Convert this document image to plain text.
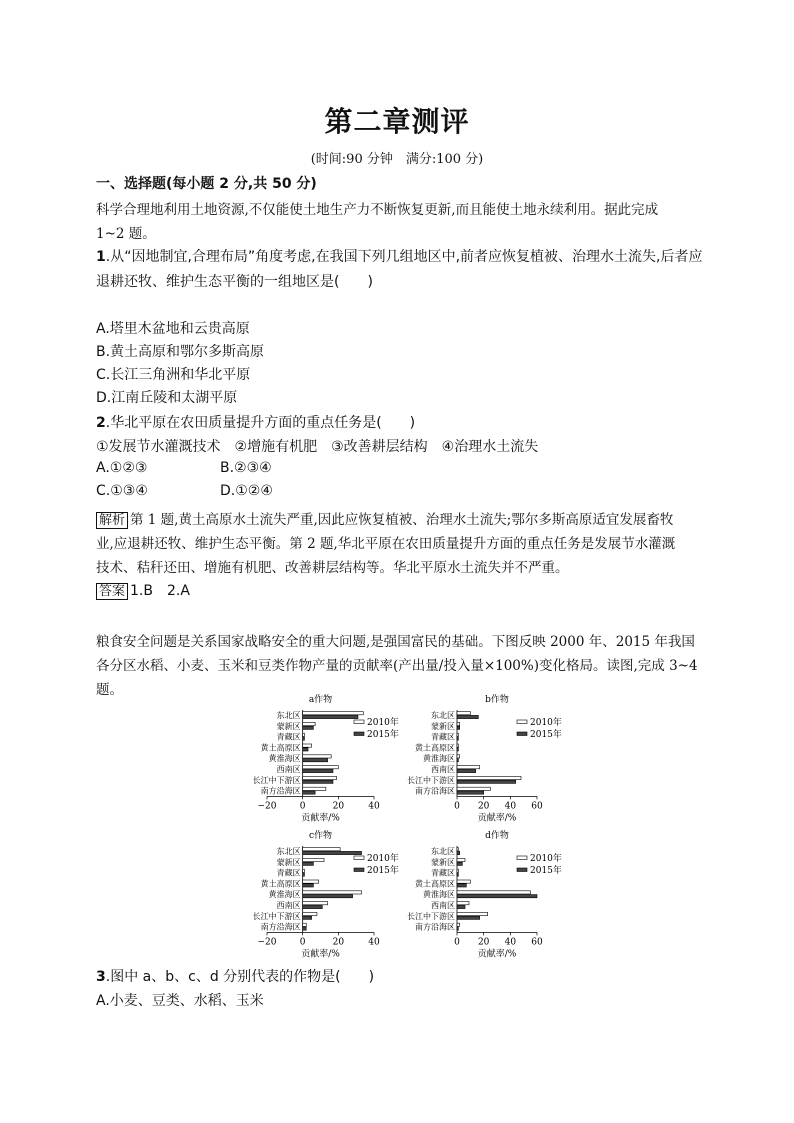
第二章测评
(时间:90 分钟　满分:100 分)
一、选择题(每小题 2 分,共 50 分)
科学合理地利用土地资源,不仅能使土地生产力不断恢复更新,而且能使土地永续利用。据此完成
1~2 题。
1.从“因地制宜,合理布局”角度考虑,在我国下列几组地区中,前者应恢复植被、治理水土流失,后者应
退耕还牧、维护生态平衡的一组地区是(　　)
A.塔里木盆地和云贵高原
B.黄土高原和鄂尔多斯高原
C.长江三角洲和华北平原
D.江南丘陵和太湖平原
2.华北平原在农田质量提升方面的重点任务是(　　)
①发展节水灌溉技术　②增施有机肥　③改善耕层结构　④治理水土流失
A.①②③	B.②③④
C.①③④	D.①②④
解析 第 1 题,黄土高原水土流失严重,因此应恢复植被、治理水土流失;鄂尔多斯高原适宜发展畜牧
业,应退耕还牧、维护生态平衡。第 2 题,华北平原在农田质量提升方面的重点任务是发展节水灌溉
技术、秸秆还田、增施有机肥、改善耕层结构等。华北平原水土流失并不严重。
答案 1.B　2.A
粮食安全问题是关系国家战略安全的重大问题,是强国富民的基础。下图反映 2000 年、2015 年我国
各分区水稻、小麦、玉米和豆类作物产量的贡献率(产出量/投入量×100%)变化格局。读图,完成 3~4
题。
a作物
−20	0	20	40
贡献率/%
东北区
蒙新区
青藏区
黄土高原区
黄淮海区
西南区
长江中下游区
南方沿海区
2010年
2015年
b作物
0 20 40 60
贡献率/%
东北区
蒙新区
青藏区
黄土高原区
黄淮海区
西南区
长江中下游区
南方沿海区
2010年
2015年
c作物
−20	0	20	40
贡献率/%
东北区
蒙新区
青藏区
黄土高原区
黄淮海区
西南区
长江中下游区
南方沿海区
2010年
2015年
d作物
0 20 40 60
贡献率/%
东北区
蒙新区
青藏区
黄土高原区
黄淮海区
西南区
长江中下游区
南方沿海区
2010年
2015年
3.图中 a、b、c、d 分别代表的作物是(　　)
A.小麦、豆类、水稻、玉米
